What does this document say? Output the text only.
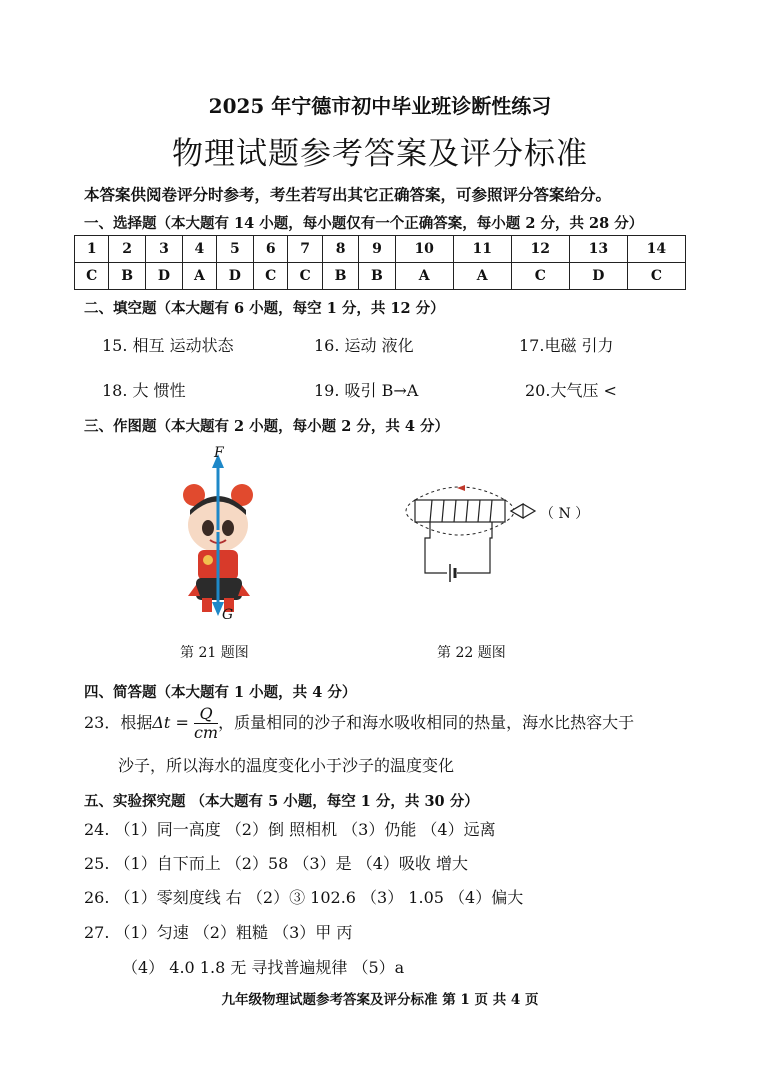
2025 年宁德市初中毕业班诊断性练习
物理试题参考答案及评分标准
本答案供阅卷评分时参考，考生若写出其它正确答案，可参照评分答案给分。
一、选择题（本大题有 14 小题，每小题仅有一个正确答案，每小题 2 分，共 28 分）
1	2	3	4	5	6	7	8	9	10	11	12	13	14
C	B	D	A	D	C	C	B	B	A	A	C	D	C
二、填空题（本大题有 6 小题，每空 1 分，共 12 分）
15. 相互 运动状态	16. 运动 液化	17.电磁 引力
18. 大 惯性	19. 吸引 B→A	20.大气压 <
三、作图题（本大题有 2 小题，每小题 2 分，共 4 分）
F
G
第 21 题图
（ N ）
第 22 题图
四、简答题（本大题有 1 小题，共 4 分）
23．根据$\Delta t = \frac{Q}{cm}$ ，质量相同的沙子和海水吸收相同的热量，海水比热容大于
沙子，所以海水的温度变化小于沙子的温度变化
五、实验探究题 （本大题有 5 小题，每空 1 分，共 30 分）
24. （1）同一高度 （2）倒 照相机 （3）仍能 （4）远离
25. （1）自下而上 （2）58 （3）是 （4）吸收 增大
26. （1）零刻度线 右 （2）③ 102.6 （3） 1.05 （4）偏大
27. （1）匀速 （2）粗糙 （3）甲 丙
（4） 4.0 1.8 无 寻找普遍规律 （5）a
九年级物理试题参考答案及评分标准 第 1 页 共 4 页
